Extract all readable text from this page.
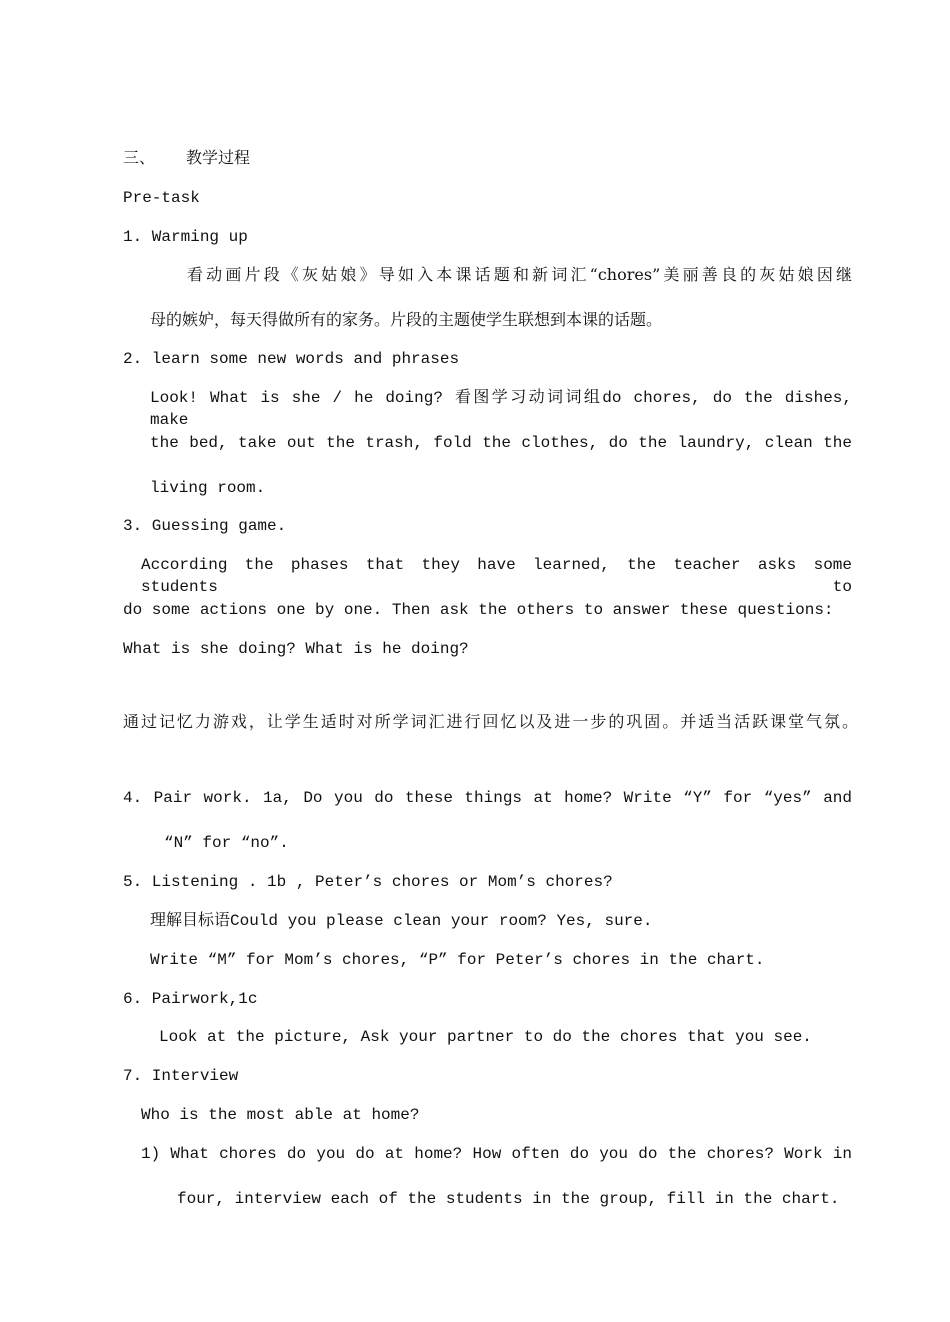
三、 教学过程
Pre-task
1. Warming up
看动画片段《灰姑娘》导如入本课话题和新词汇“chores”美丽善良的灰姑娘因继
母的嫉妒，每天得做所有的家务。片段的主题使学生联想到本课的话题。
2. learn some new words and phrases
Look! What is she / he doing? 看图学习动词词组do chores, do the dishes, make
the bed, take out the trash, fold the clothes, do the laundry, clean the
living room.
3. Guessing game.
According the phases that they have learned, the teacher asks some students to
do some actions one by one. Then ask the others to answer these questions:
What is she doing? What is he doing?
通过记忆力游戏，让学生适时对所学词汇进行回忆以及进一步的巩固。并适当活跃课堂气氛。
4. Pair work. 1a, Do you do these things at home? Write “Y” for “yes” and
“N” for “no”.
5. Listening . 1b , Peter’s chores or Mom’s chores?
理解目标语Could you please clean your room? Yes, sure.
Write “M” for Mom’s chores, “P” for Peter’s chores in the chart.
6. Pairwork,1c
Look at the picture, Ask your partner to do the chores that you see.
7. Interview
Who is the most able at home?
1) What chores do you do at home? How often do you do the chores? Work in
four, interview each of the students in the group, fill in the chart.
